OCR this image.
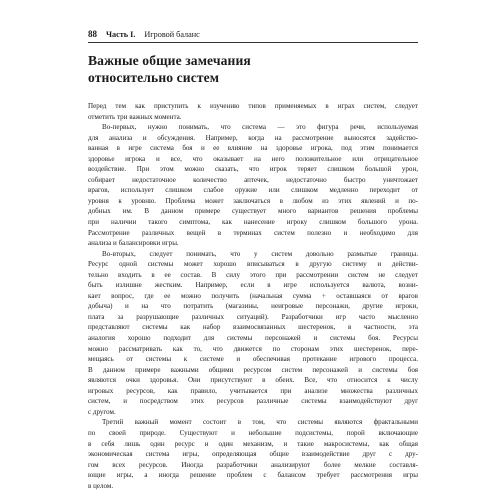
88 Часть I. Игровой баланс
Важные общие замечания
относительно систем
Перед тем как приступить к изучению типов применяемых в играх систем, следует
отметить три важных момента.
Во-первых, нужно понимать, что система — это фигура речи, используемая
для анализа и обсуждения. Например, когда на рассмотрение выносятся задейство-
ванная в игре система боя и ее влияние на здоровье игрока, под этим понимается
здоровье игрока и все, что оказывает на него положительное или отрицательное
воздействие. При этом можно сказать, что игрок теряет слишком большой урон,
собирает недостаточное количество аптечек, недостаточно быстро уничтожает
врагов, использует слишком слабое оружие или слишком медленно переходит от
уровня к уровню. Проблема может заключаться в любом из этих явлений и по-
добных им. В данном примере существует много вариантов решения проблемы
при наличии такого симптома, как нанесение игроку слишком большого урона.
Рассмотрение различных вещей в терминах систем полезно и необходимо для
анализа и балансировки игры.
Во-вторых, следует понимать, что у систем довольно размытые границы.
Ресурс одной системы может хорошо вписываться в другую систему и действи-
тельно входить в ее состав. В силу этого при рассмотрении систем не следует
быть излишне жестким. Например, если в игре используется валюта, возни-
кает вопрос, где ее можно получить (начальная сумма + оставшаяся от врагов
добыча) и на что потратить (магазины, неигровые персонажи, другие игроки,
плата за разрушающие различных ситуаций). Разработчики игр часто мысленно
представляют системы как набор взаимосвязанных шестеренок, в частности, эта
аналогия хорошо подходит для системы персонажей и системы боя. Ресурсы
можно рассматривать как то, что движется по сторонам этих шестеренок, пере-
мещаясь от системы к системе и обеспечивая протекание игрового процесса.
В данном примере важными общими ресурсом систем персонажей и системы боя
являются очки здоровья. Они присутствуют в обеих. Все, что относится к числу
игровых ресурсов, как правило, учитывается при анализе множества различных
систем, и посредством этих ресурсов различные системы взаимодействуют друг
с другом.
Третий важный момент состоит в том, что системы являются фрактальными
по своей природе. Существуют и небольшие подсистемы, порой включающие
в себя лишь один ресурс и один механизм, и такие макросистемы, как общая
экономическая система игры, определяющая общие взаимодействие друг с дру-
гом всех ресурсов. Иногда разработчики анализируют более мелкие составля-
ющие игры, а иногда решение проблем с балансом требует рассмотрения игры
в целом.
